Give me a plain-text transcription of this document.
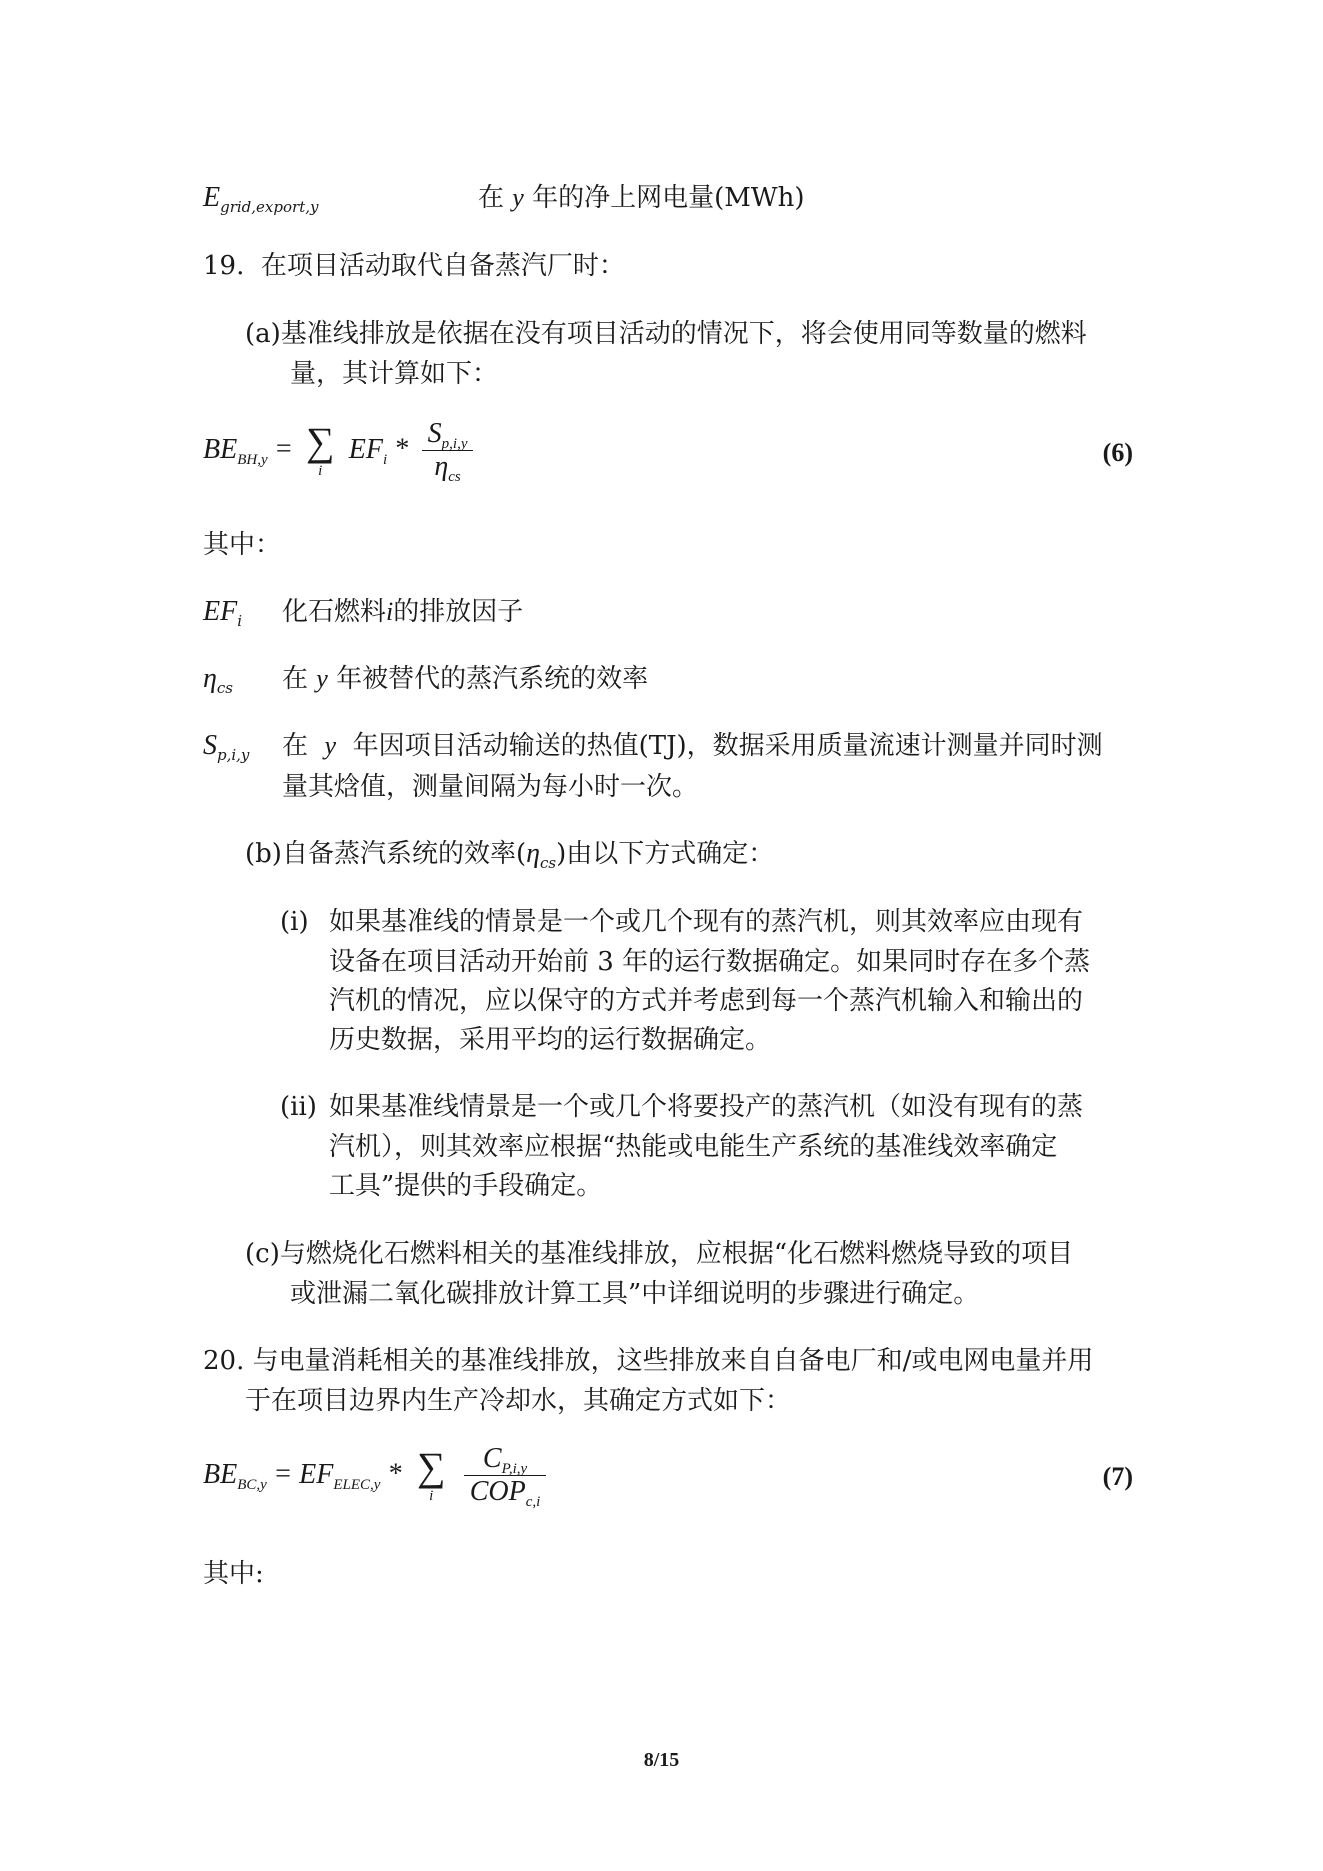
$E_{grid,export,y}$	在 y 年的净上网电量(MWh)
19. 在项目活动取代自备蒸汽厂时：
(a)基准线排放是依据在没有项目活动的情况下，将会使用同等数量的燃料
量，其计算如下：
$BE_{BH,y}$ = ∑
i
$EF_i * \frac{S_{p,i,y}}{\eta_{cs}}$	(6)
其中：
$EF_i$ 化石燃料i的排放因子
$\eta_{cs}$ 在 y 年被替代的蒸汽系统的效率
$S_{p,i,y}$ 在 y 年因项目活动输送的热值(TJ)，数据采用质量流速计测量并同时测
量其焓值，测量间隔为每小时一次。
(b)自备蒸汽系统的效率$(\eta_{cs})$由以下方式确定：
(i) 如果基准线的情景是一个或几个现有的蒸汽机，则其效率应由现有
设备在项目活动开始前 3 年的运行数据确定。如果同时存在多个蒸
汽机的情况，应以保守的方式并考虑到每一个蒸汽机输入和输出的
历史数据，采用平均的运行数据确定。
(ii) 如果基准线情景是一个或几个将要投产的蒸汽机（如没有现有的蒸
汽机），则其效率应根据“热能或电能生产系统的基准线效率确定
工具”提供的手段确定。
(c)与燃烧化石燃料相关的基准线排放，应根据“化石燃料燃烧导致的项目
或泄漏二氧化碳排放计算工具”中详细说明的步骤进行确定。
20. 与电量消耗相关的基准线排放，这些排放来自自备电厂和/或电网电量并用
于在项目边界内生产冷却水，其确定方式如下：
$BE_{BC,y} = EF_{ELEC,y}$ * ∑
i
	$\frac{C_{P,i,y}}{COP_{c,i}}$	(7)
其中:
8/15
